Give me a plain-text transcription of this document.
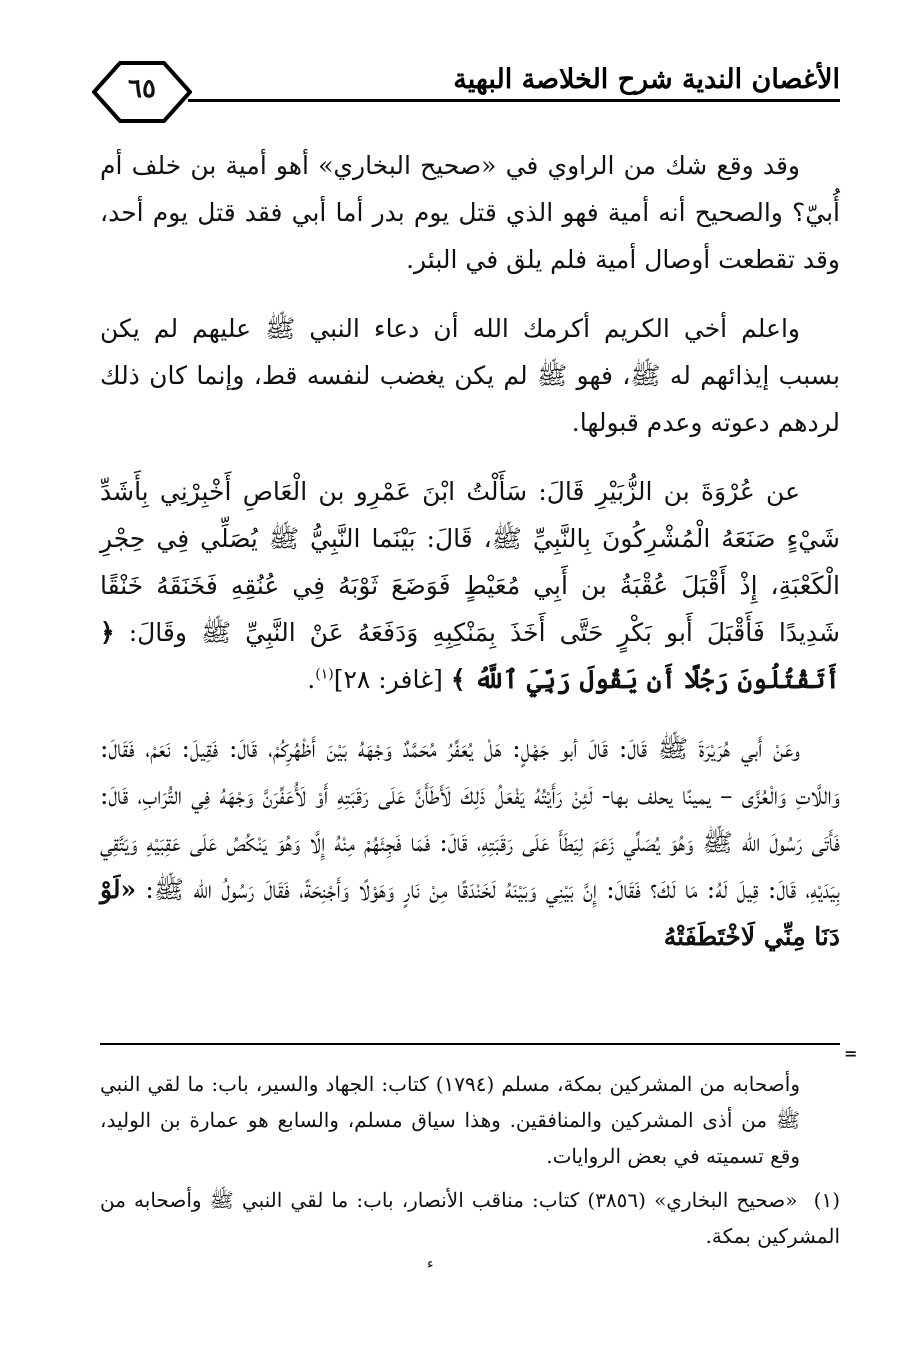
الأغصان الندية شرح الخلاصة البهية
٦٥

وقد وقع شك من الراوي في «صحيح البخاري» أهو أمية بن خلف أم أُبيّ؟ والصحيح أنه أمية فهو الذي قتل يوم بدر أما أبي فقد قتل يوم أحد، وقد تقطعت أوصال أمية فلم يلق في البئر.

واعلم أخي الكريم أكرمك الله أن دعاء النبي ﷺ عليهم لم يكن بسبب إيذائهم له ﷺ، فهو ﷺ لم يكن يغضب لنفسه قط، وإنما كان ذلك لردهم دعوته وعدم قبولها.

عن عُرْوَةَ بن الزُّبَيْرِ قَالَ: سَأَلْتُ ابْنَ عَمْرِو بن الْعَاصِ أَخْبِرْنِي بِأَشَدِّ شَيْءٍ صَنَعَهُ الْمُشْرِكُونَ بِالنَّبِيِّ ﷺ، قَالَ: بَيْنَما النَّبِيُّ ﷺ يُصَلِّي فِي حِجْرِ الْكَعْبَةِ، إِذْ أَقْبَلَ عُقْبَةُ بن أَبِي مُعَيْطٍ فَوَضَعَ ثَوْبَهُ فِي عُنُقِهِ فَخَنَقَهُ خَنْقًا شَدِيدًا فَأَقْبَلَ أَبو بَكْرٍ حَتَّى أَخَذَ بِمَنْكِبِهِ وَدَفَعَهُ عَنْ النَّبِيِّ ﷺ وقَالَ: ﴿ أَتَقْتُلُونَ رَجُلًا أَن يَقُولَ رَبِّيَ ٱللَّهُ ﴾ [غافر: ٢٨]$^{(١)}$.

وعَنْ أَبي هُرَيْرَةَ ﷺ قَالَ: قَالَ أبو جَهْلٍ: هَلْ يُعَفِّرُ مُحَمَّدٌ وَجْهَهُ بَيْنَ أَظْهُرِكُمْ، قَالَ: فَقِيلَ: نَعَمْ، فَقَالَ: وَاللَّاتِ وَالْعُزَّى – يمينًا يحلف بها- لَئِنْ رَأَيْتُهُ يَفْعَلُ ذَلِكَ لَأَطَأَنَّ عَلَى رَقَبَتِهِ أَوْ لَأُعَفِّرَنَّ وَجْهَهُ فِي التُّرَابِ، قَالَ: فَأَتَى رَسُولَ الله ﷺ وَهُوَ يُصَلِّي زَعَمَ لِيَطَأَ عَلَى رَقَبَتِهِ، قَالَ: فَمَا فَجِئَهُمْ مِنْهُ إِلَّا وَهُوَ يَنْكُصُ عَلَى عَقِبَيْهِ وَيَتَّقِي بِيَدَيْهِ، قَالَ: قِيلَ لَهُ: مَا لَكَ؟ فَقَالَ: إِنَّ بَيْنِي وَبَيْنَهُ لَخَنْدَقًا مِنْ نَارٍ وَهَوْلًا وَأَجْنِحَةً، فَقَالَ رَسُولُ الله ﷺ: «لَوْ دَنَا مِنِّي لَاخْتَطَفَتْهُ

=

وأصحابه من المشركين بمكة، مسلم (١٧٩٤) كتاب: الجهاد والسير، باب: ما لقي النبي ﷺ من أذى المشركين والمنافقين. وهذا سياق مسلم، والسابع هو عمارة بن الوليد، وقع تسميته في بعض الروايات.

(١) «صحيح البخاري» (٣٨٥٦) كتاب: مناقب الأنصار، باب: ما لقي النبي ﷺ وأصحابه من المشركين بمكة.

ء
